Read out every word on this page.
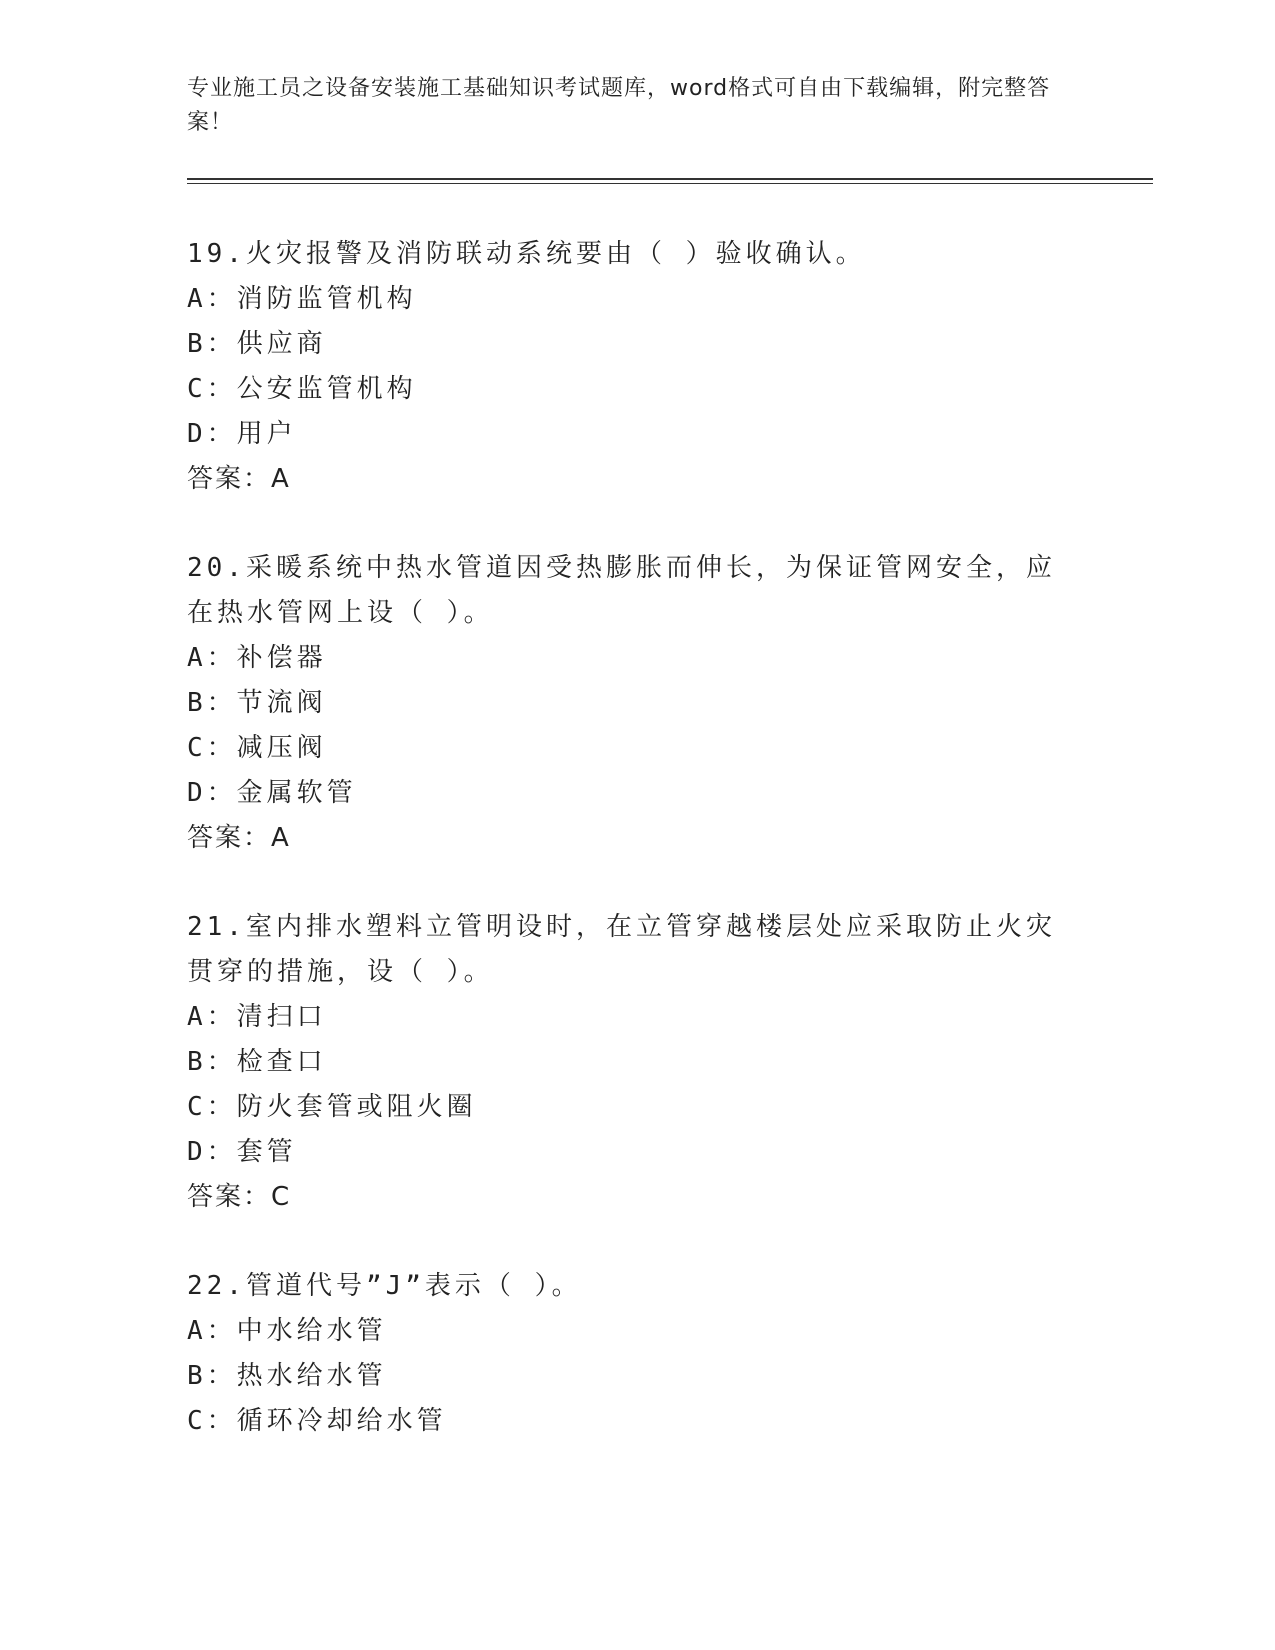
专业施工员之设备安装施工基础知识考试题库，word格式可自由下载编辑，附完整答案！
19.火灾报警及消防联动系统要由（ ）验收确认。
A：消防监管机构
B：供应商
C：公安监管机构
D：用户
答案：A
20.采暖系统中热水管道因受热膨胀而伸长，为保证管网安全，应在热水管网上设（ ）。
A：补偿器
B：节流阀
C：减压阀
D：金属软管
答案：A
21.室内排水塑料立管明设时，在立管穿越楼层处应采取防止火灾贯穿的措施，设（ ）。
A：清扫口
B：检查口
C：防火套管或阻火圈
D：套管
答案：C
22.管道代号”J”表示（ ）。
A：中水给水管
B：热水给水管
C：循环冷却给水管
